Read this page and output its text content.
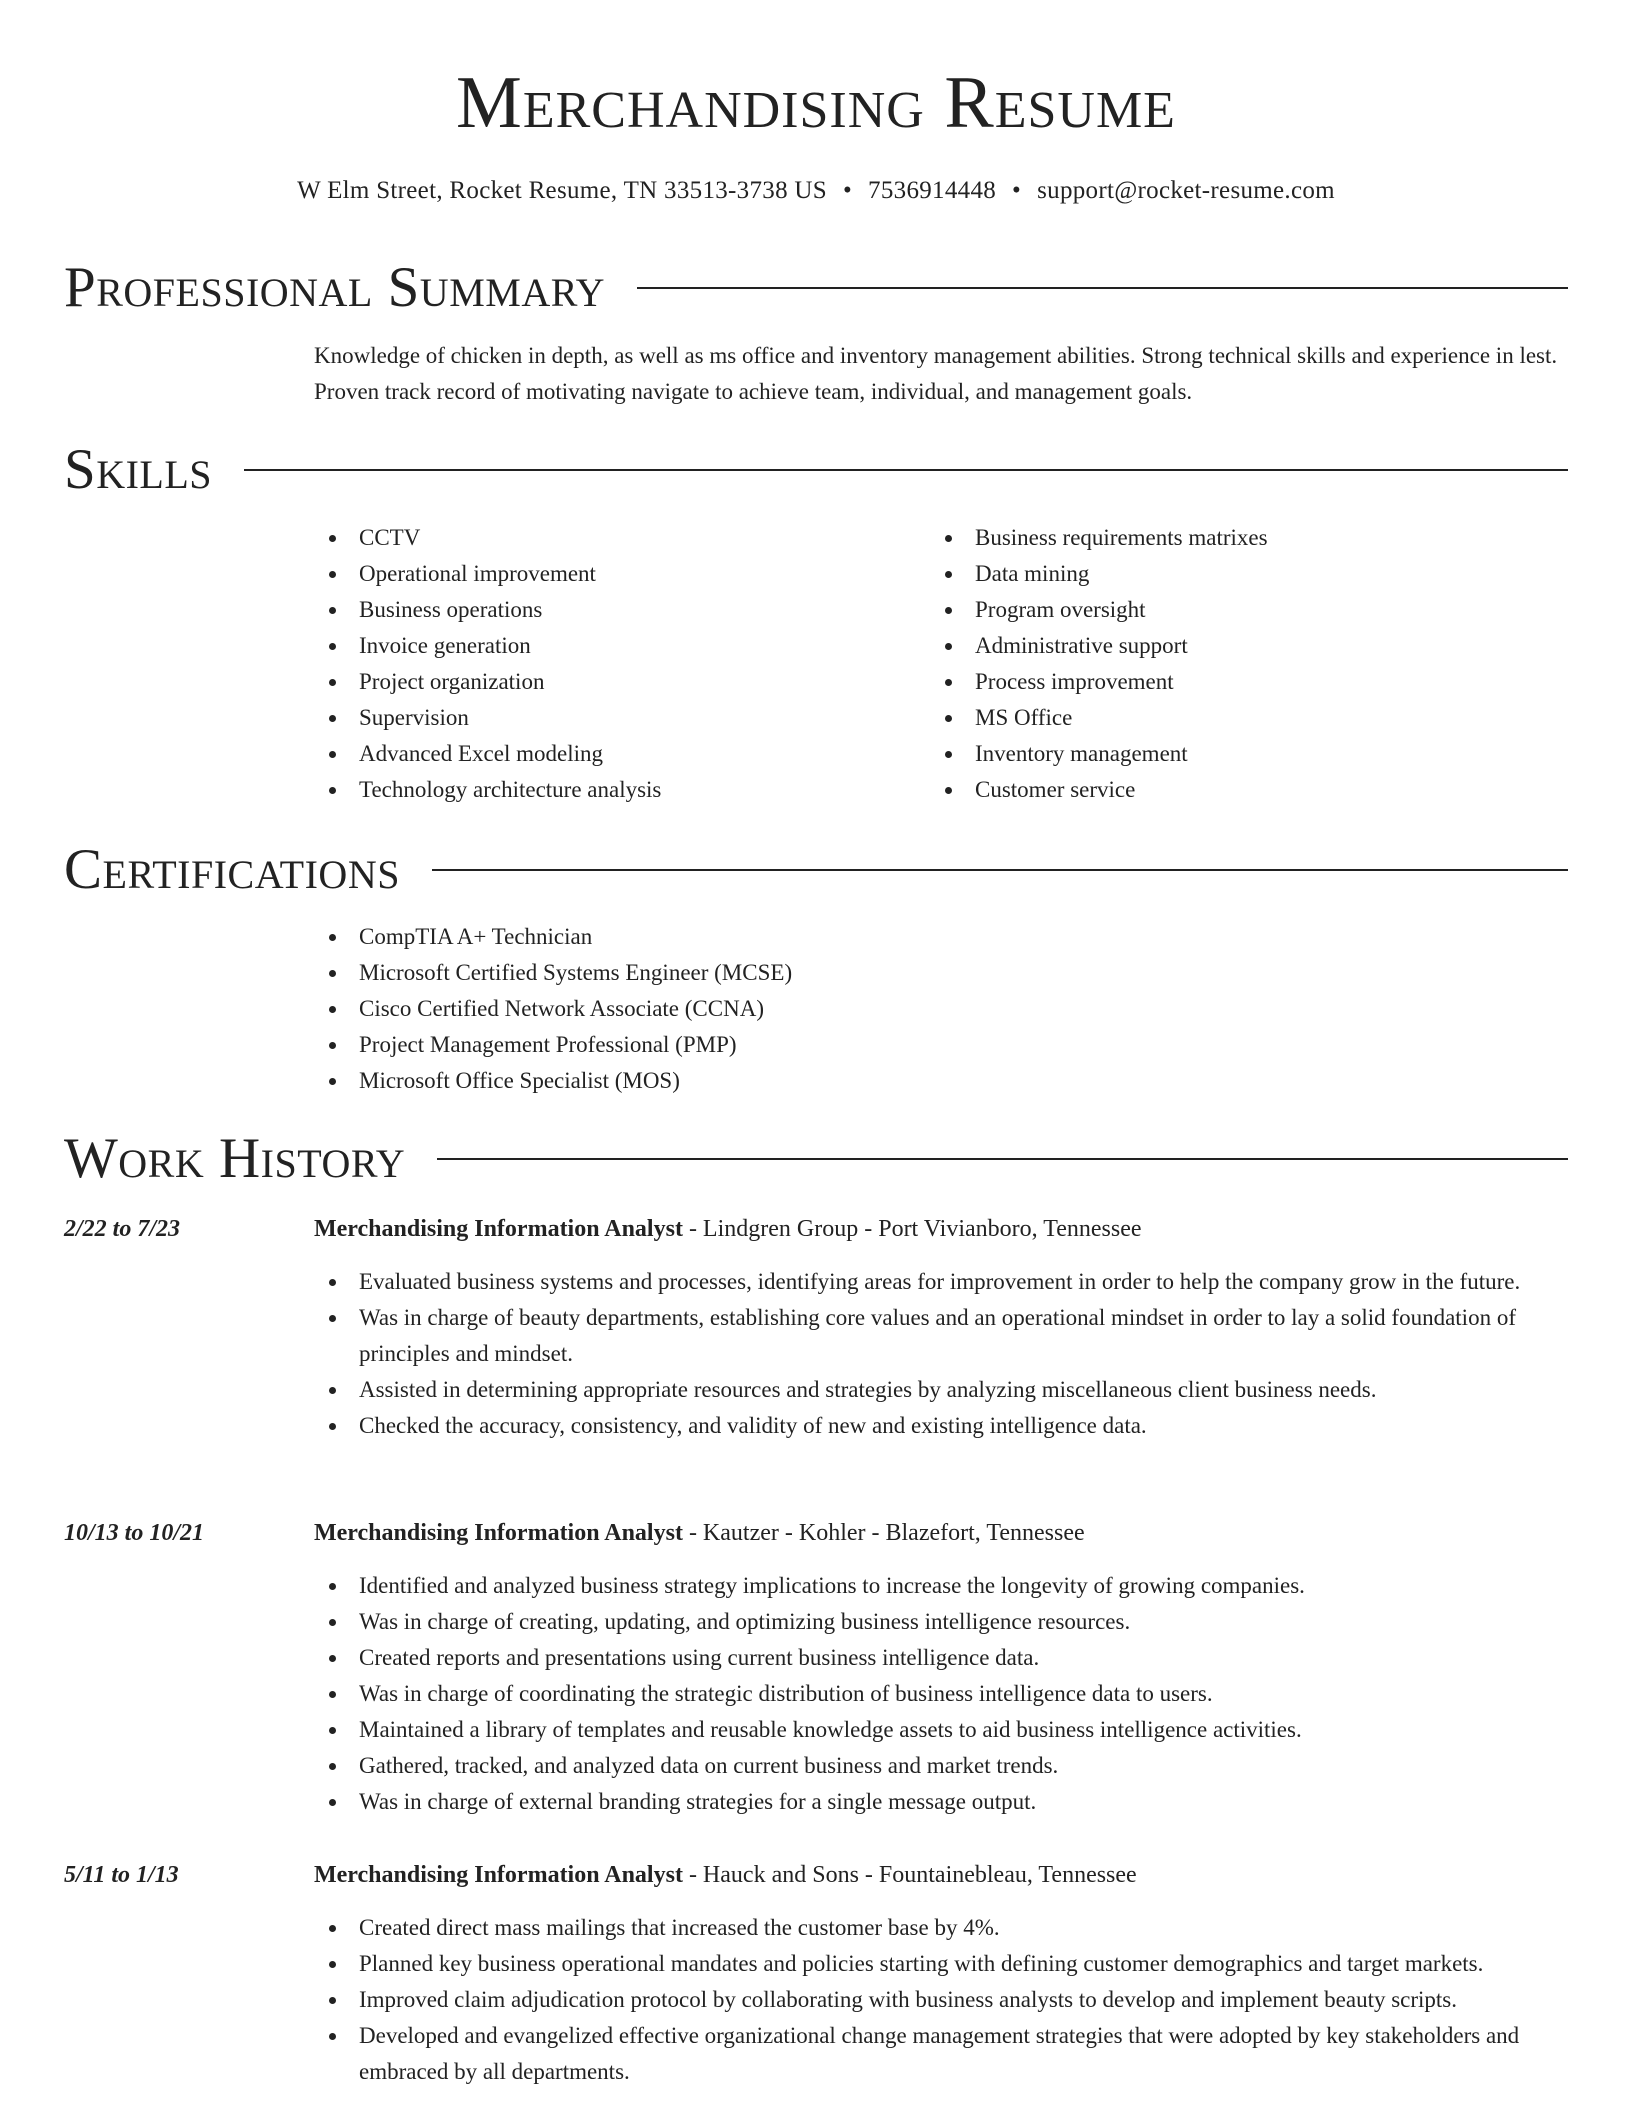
Merchandising Resume
W Elm Street, Rocket Resume, TN 33513-3738 US • 7536914448 • support@rocket-resume.com
Professional Summary

Knowledge of chicken in depth, as well as ms office and inventory management abilities. Strong technical skills and experience in lest. Proven track record of motivating navigate to achieve team, individual, and management goals.

Skills
CCTV
Operational improvement
Business operations
Invoice generation
Project organization
Supervision
Advanced Excel modeling
Technology architecture analysis
Business requirements matrixes
Data mining
Program oversight
Administrative support
Process improvement
MS Office
Inventory management
Customer service
Certifications
CompTIA A+ Technician
Microsoft Certified Systems Engineer (MCSE)
Cisco Certified Network Associate (CCNA)
Project Management Professional (PMP)
Microsoft Office Specialist (MOS)
Work History
2/22 to 7/23	Merchandising Information Analyst - Lindgren Group - Port Vivianboro, Tennessee
Evaluated business systems and processes, identifying areas for improvement in order to help the company grow in the future.
Was in charge of beauty departments, establishing core values and an operational mindset in order to lay a solid foundation of principles and mindset.
Assisted in determining appropriate resources and strategies by analyzing miscellaneous client business needs.
Checked the accuracy, consistency, and validity of new and existing intelligence data.
10/13 to 10/21	Merchandising Information Analyst - Kautzer - Kohler - Blazefort, Tennessee
Identified and analyzed business strategy implications to increase the longevity of growing companies.
Was in charge of creating, updating, and optimizing business intelligence resources.
Created reports and presentations using current business intelligence data.
Was in charge of coordinating the strategic distribution of business intelligence data to users.
Maintained a library of templates and reusable knowledge assets to aid business intelligence activities.
Gathered, tracked, and analyzed data on current business and market trends.
Was in charge of external branding strategies for a single message output.
5/11 to 1/13	Merchandising Information Analyst - Hauck and Sons - Fountainebleau, Tennessee
Created direct mass mailings that increased the customer base by 4%.
Planned key business operational mandates and policies starting with defining customer demographics and target markets.
Improved claim adjudication protocol by collaborating with business analysts to develop and implement beauty scripts.
Developed and evangelized effective organizational change management strategies that were adopted by key stakeholders and embraced by all departments.
